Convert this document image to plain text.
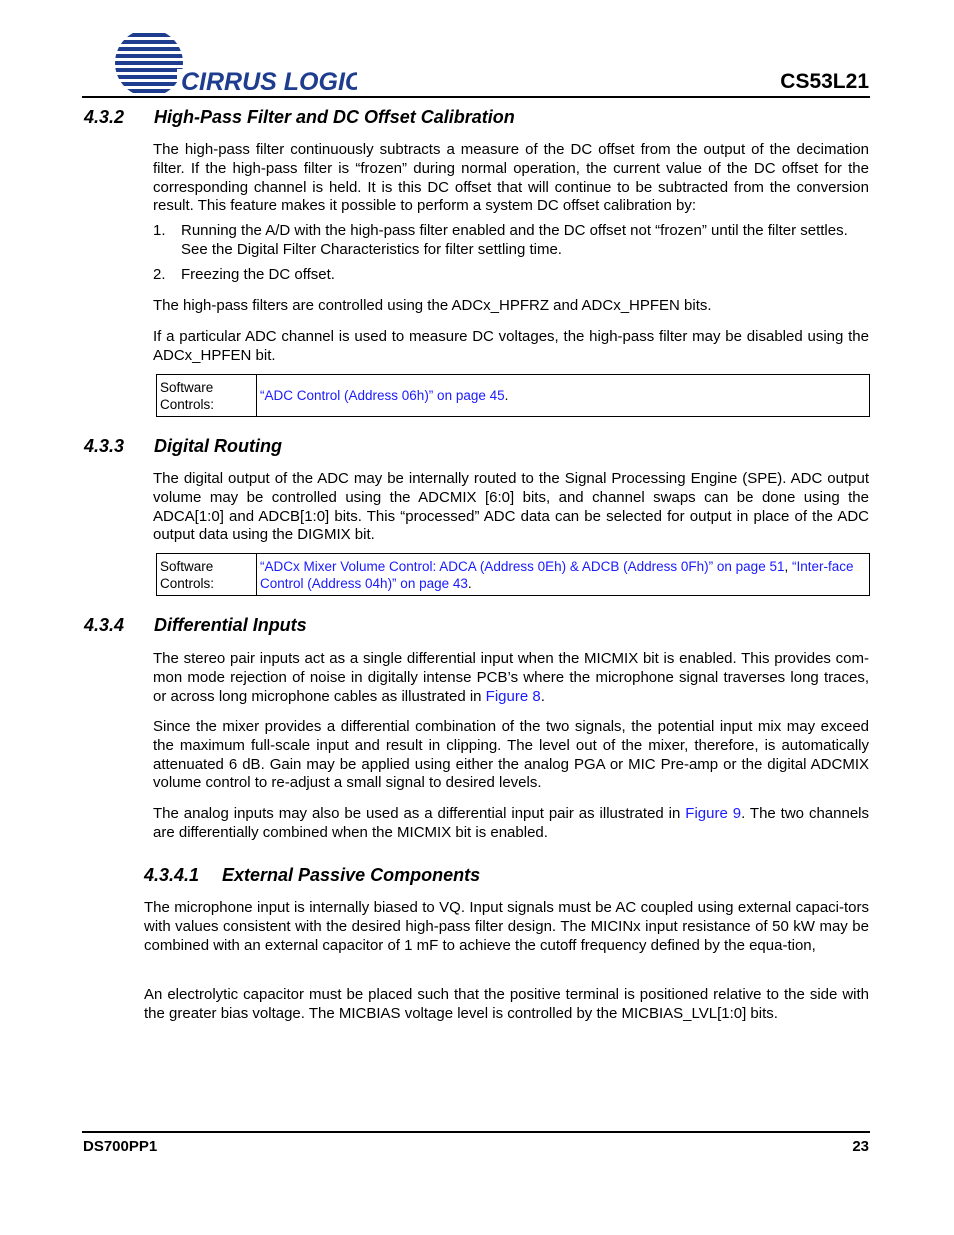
CIRRUS LOGIC	CS53L21
4.3.2 High-Pass Filter and DC Offset Calibration

The high-pass filter continuously subtracts a measure of the DC offset from the output of the decimation filter. If the high-pass filter is “frozen” during normal operation, the current value of the DC offset for the corresponding channel is held. It is this DC offset that will continue to be subtracted from the conversion result. This feature makes it possible to perform a system DC offset calibration by:

1. Running the A/D with the high-pass filter enabled and the DC offset not “frozen” until the filter settles.
See the Digital Filter Characteristics for filter settling time.
2. Freezing the DC offset.

The high-pass filters are controlled using the ADCx_HPFRZ and ADCx_HPFEN bits.

If a particular ADC channel is used to measure DC voltages, the high-pass filter may be disabled using the ADCx_HPFEN bit.

Software Controls:	“ADC Control (Address 06h)” on page 45.
4.3.3 Digital Routing

The digital output of the ADC may be internally routed to the Signal Processing Engine (SPE). ADC output volume may be controlled using the ADCMIX [6:0] bits, and channel swaps can be done using the ADCA[1:0] and ADCB[1:0] bits. This “processed” ADC data can be selected for output in place of the ADC output data using the DIGMIX bit.

Software Controls:	“ADCx Mixer Volume Control: ADCA (Address 0Eh) & ADCB (Address 0Fh)” on page 51, “Inter-face Control (Address 04h)” on page 43.
4.3.4 Differential Inputs

The stereo pair inputs act as a single differential input when the MICMIX bit is enabled. This provides com-mon mode rejection of noise in digitally intense PCB’s where the microphone signal traverses long traces, or across long microphone cables as illustrated in Figure 8.

Since the mixer provides a differential combination of the two signals, the potential input mix may exceed the maximum full-scale input and result in clipping. The level out of the mixer, therefore, is automatically attenuated 6 dB. Gain may be applied using either the analog PGA or MIC Pre-amp or the digital ADCMIX volume control to re-adjust a small signal to desired levels.

The analog inputs may also be used as a differential input pair as illustrated in Figure 9. The two channels are differentially combined when the MICMIX bit is enabled.

4.3.4.1 External Passive Components

The microphone input is internally biased to VQ. Input signals must be AC coupled using external capaci-tors with values consistent with the desired high-pass filter design. The MICINx input resistance of 50 kW may be combined with an external capacitor of 1 mF to achieve the cutoff frequency defined by the equa-tion,

An electrolytic capacitor must be placed such that the positive terminal is positioned relative to the side with the greater bias voltage. The MICBIAS voltage level is controlled by the MICBIAS_LVL[1:0] bits.

DS700PP1	23
